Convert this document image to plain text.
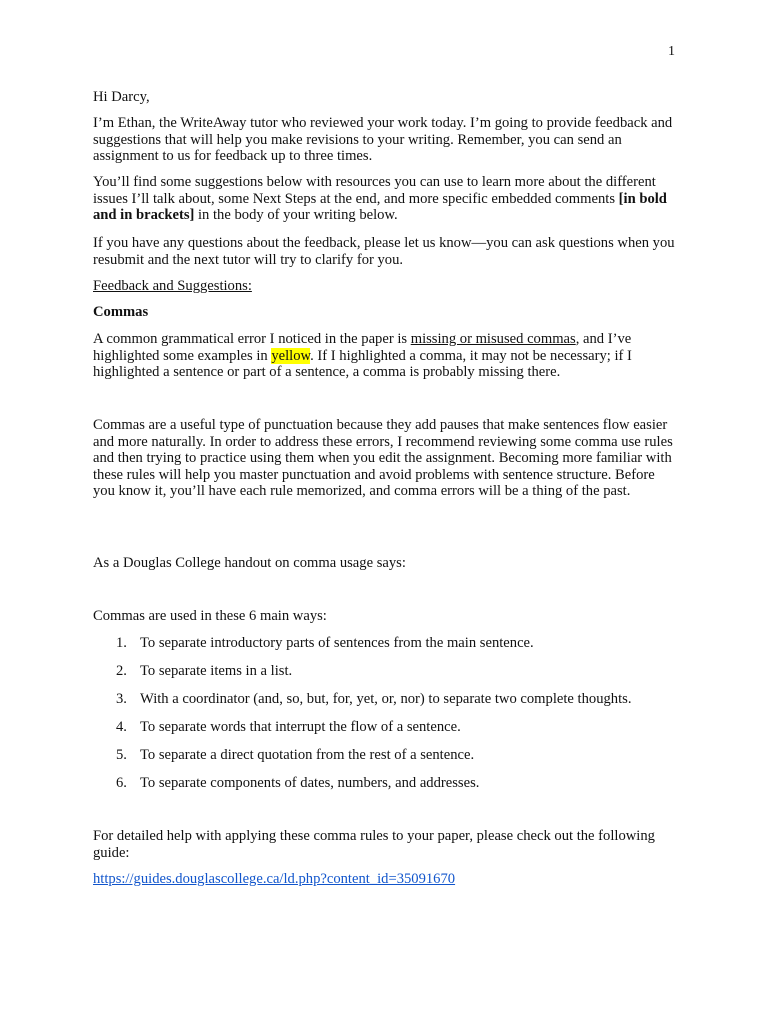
1

Hi Darcy,

I’m Ethan, the WriteAway tutor who reviewed your work today. I’m going to provide feedback and suggestions that will help you make revisions to your writing. Remember, you can send an assignment to us for feedback up to three times.

You’ll find some suggestions below with resources you can use to learn more about the different issues I’ll talk about, some Next Steps at the end, and more specific embedded comments [in bold and in brackets] in the body of your writing below.

If you have any questions about the feedback, please let us know—you can ask questions when you resubmit and the next tutor will try to clarify for you.

Feedback and Suggestions:

Commas

A common grammatical error I noticed in the paper is missing or misused commas, and I’ve highlighted some examples in yellow. If I highlighted a comma, it may not be necessary; if I highlighted a sentence or part of a sentence, a comma is probably missing there.

Commas are a useful type of punctuation because they add pauses that make sentences flow easier and more naturally. In order to address these errors, I recommend reviewing some comma use rules and then trying to practice using them when you edit the assignment. Becoming more familiar with these rules will help you master punctuation and avoid problems with sentence structure. Before you know it, you’ll have each rule memorized, and comma errors will be a thing of the past.

As a Douglas College handout on comma usage says:

Commas are used in these 6 main ways:

1. To separate introductory parts of sentences from the main sentence.
2. To separate items in a list.
3. With a coordinator (and, so, but, for, yet, or, nor) to separate two complete thoughts.
4. To separate words that interrupt the flow of a sentence.
5. To separate a direct quotation from the rest of a sentence.
6. To separate components of dates, numbers, and addresses.

For detailed help with applying these comma rules to your paper, please check out the following guide:

https://guides.douglascollege.ca/ld.php?content_id=35091670
